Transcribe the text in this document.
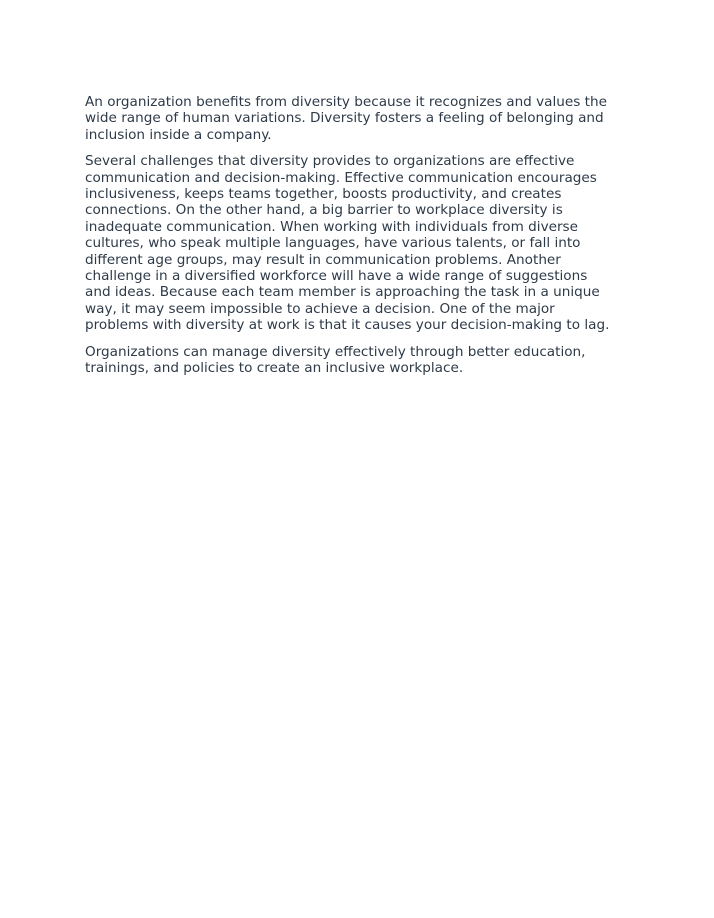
An organization benefits from diversity because it recognizes and values the
wide range of human variations. Diversity fosters a feeling of belonging and
inclusion inside a company.

Several challenges that diversity provides to organizations are effective
communication and decision-making. Effective communication encourages
inclusiveness, keeps teams together, boosts productivity, and creates
connections. On the other hand, a big barrier to workplace diversity is
inadequate communication. When working with individuals from diverse
cultures, who speak multiple languages, have various talents, or fall into
different age groups, may result in communication problems. Another
challenge in a diversified workforce will have a wide range of suggestions
and ideas. Because each team member is approaching the task in a unique
way, it may seem impossible to achieve a decision. One of the major
problems with diversity at work is that it causes your decision-making to lag.

Organizations can manage diversity effectively through better education,
trainings, and policies to create an inclusive workplace.
